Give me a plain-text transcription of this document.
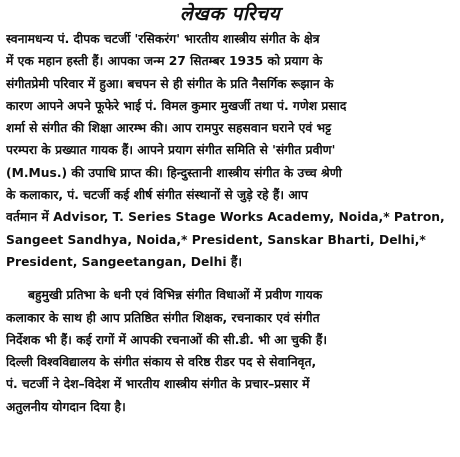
लेखक परिचय

स्वनामधन्य पं. दीपक चटर्जी 'रसिकरंग' भारतीय शास्त्रीय संगीत के क्षेत्र
में एक महान हस्ती हैं। आपका जन्म 27 सितम्बर 1935 को प्रयाग के
संगीतप्रेमी परिवार में हुआ। बचपन से ही संगीत के प्रति नैसर्गिक रूझान के
कारण आपने अपने फूफेरे भाई पं. विमल कुमार मुखर्जी तथा पं. गणेश प्रसाद
शर्मा से संगीत की शिक्षा आरम्भ की। आप रामपुर सहसवान घराने एवं भट्ट
परम्परा के प्रख्यात गायक हैं। आपने प्रयाग संगीत समिति से 'संगीत प्रवीण'
(M.Mus.) की उपाधि प्राप्त की। हिन्दुस्तानी शास्त्रीय संगीत के उच्च श्रेणी
के कलाकार, पं. चटर्जी कई शीर्ष संगीत संस्थानों से जुड़े रहे हैं। आप
वर्तमान में Advisor, T. Series Stage Works Academy, Noida,* Patron,
Sangeet Sandhya, Noida,* President, Sanskar Bharti, Delhi,*
President, Sangeetangan, Delhi हैं।

बहुमुखी प्रतिभा के धनी एवं विभिन्न संगीत विधाओं में प्रवीण गायक
कलाकार के साथ ही आप प्रतिष्ठित संगीत शिक्षक, रचनाकार एवं संगीत
निर्देशक भी हैं। कई रागों में आपकी रचनाओं की सी.डी. भी आ चुकी हैं।
दिल्ली विश्वविद्यालय के संगीत संकाय से वरिष्ठ रीडर पद से सेवानिवृत,
पं. चटर्जी ने देश–विदेश में भारतीय शास्त्रीय संगीत के प्रचार–प्रसार में
अतुलनीय योगदान दिया है।
